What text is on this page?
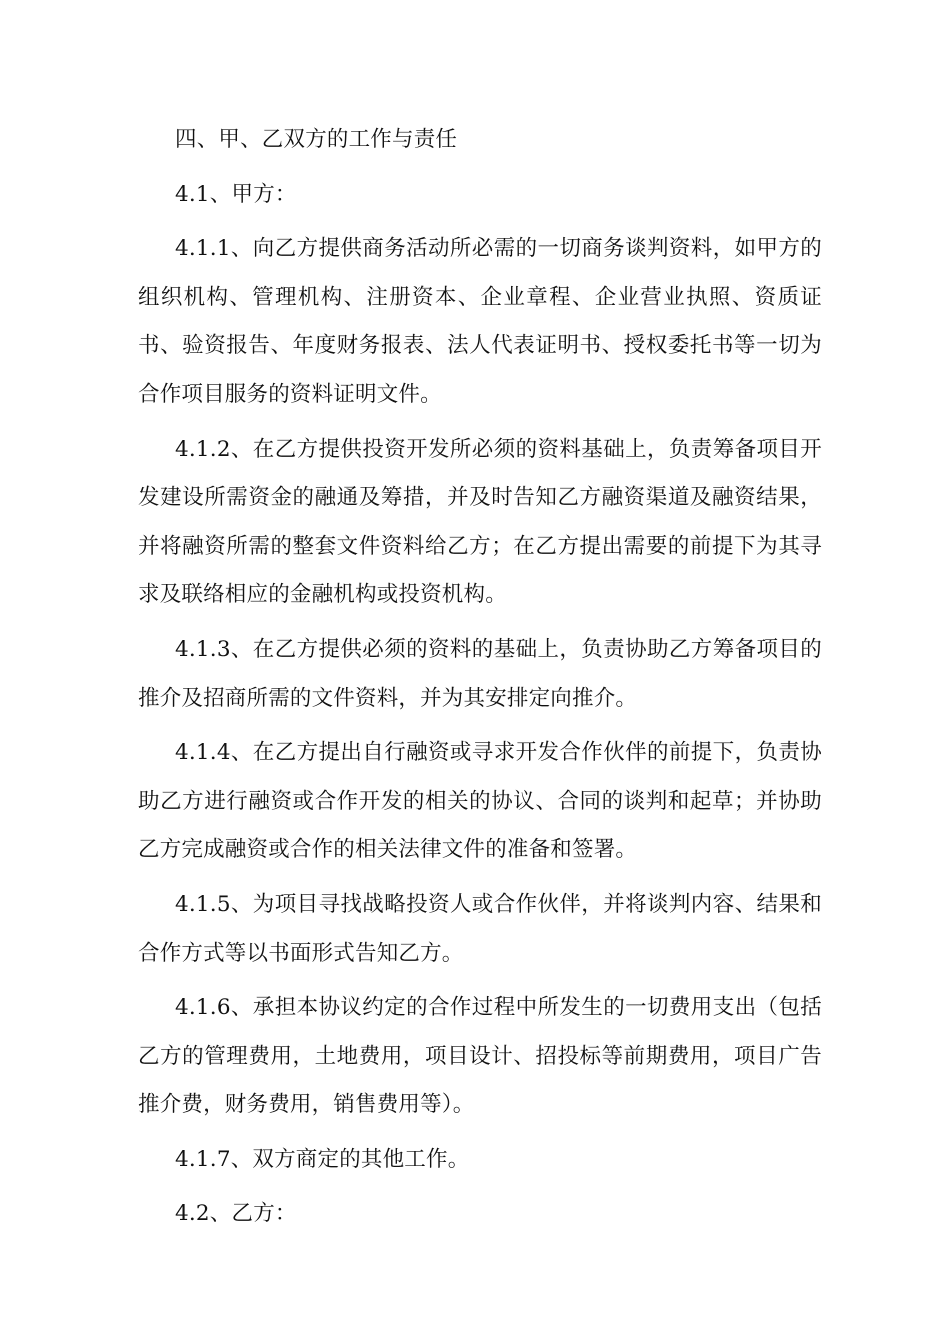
四、甲、乙双方的工作与责任

4.1、甲方：

4.1.1、向乙方提供商务活动所必需的一切商务谈判资料，如甲方的组织机构、管理机构、注册资本、企业章程、企业营业执照、资质证书、验资报告、年度财务报表、法人代表证明书、授权委托书等一切为合作项目服务的资料证明文件。

4.1.2、在乙方提供投资开发所必须的资料基础上，负责筹备项目开发建设所需资金的融通及筹措，并及时告知乙方融资渠道及融资结果，并将融资所需的整套文件资料给乙方；在乙方提出需要的前提下为其寻求及联络相应的金融机构或投资机构。

4.1.3、在乙方提供必须的资料的基础上，负责协助乙方筹备项目的推介及招商所需的文件资料，并为其安排定向推介。

4.1.4、在乙方提出自行融资或寻求开发合作伙伴的前提下，负责协助乙方进行融资或合作开发的相关的协议、合同的谈判和起草；并协助乙方完成融资或合作的相关法律文件的准备和签署。

4.1.5、为项目寻找战略投资人或合作伙伴，并将谈判内容、结果和合作方式等以书面形式告知乙方。

4.1.6、承担本协议约定的合作过程中所发生的一切费用支出（包括乙方的管理费用，土地费用，项目设计、招投标等前期费用，项目广告推介费，财务费用，销售费用等）。

4.1.7、双方商定的其他工作。

4.2、乙方：
